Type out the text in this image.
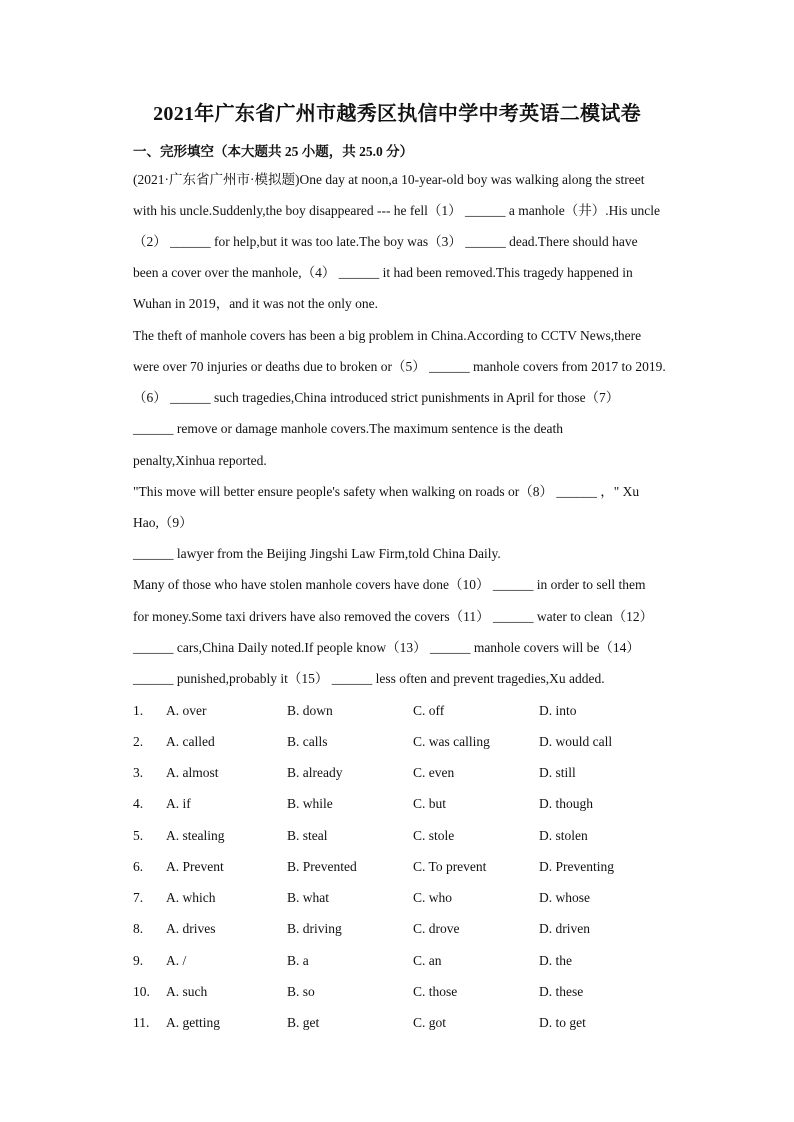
2021年广东省广州市越秀区执信中学中考英语二模试卷
一、完形填空（本大题共 25 小题，共 25.0 分）
(2021·广东省广州市·模拟题)One day at noon,a 10-year-old boy was walking along the street
with his uncle.Suddenly,the boy disappeared --- he fell（1） ______ a manhole（井）.His uncle
（2） ______ for help,but it was too late.The boy was（3） ______ dead.There should have
been a cover over the manhole,（4） ______ it had been removed.This tragedy happened in
Wuhan in 2019，and it was not the only one.
The theft of manhole covers has been a big problem in China.According to CCTV News,there
were over 70 injuries or deaths due to broken or（5） ______ manhole covers from 2017 to 2019.
（6） ______ such tragedies,China introduced strict punishments in April for those（7）
______ remove or damage manhole covers.The maximum sentence is the death
penalty,Xinhua reported.
"This move will better ensure people's safety when walking on roads or（8） ______ ，" Xu
Hao,（9）
______ lawyer from the Beijing Jingshi Law Firm,told China Daily.
Many of those who have stolen manhole covers have done（10） ______ in order to sell them
for money.Some taxi drivers have also removed the covers（11） ______ water to clean（12）
______ cars,China Daily noted.If people know（13） ______ manhole covers will be（14）
______ punished,probably it（15） ______ less often and prevent tragedies,Xu added.
1. A. over	B. down	C. off	D. into
2. A. called	B. calls	C. was calling	D. would call
3. A. almost	B. already	C. even	D. still
4. A. if	B. while	C. but	D. though
5. A. stealing	B. steal	C. stole	D. stolen
6. A. Prevent	B. Prevented	C. To prevent	D. Preventing
7. A. which	B. what	C. who	D. whose
8. A. drives	B. driving	C. drove	D. driven
9. A. /	B. a	C. an	D. the
10. A. such	B. so	C. those	D. these
11. A. getting	B. get	C. got	D. to get
